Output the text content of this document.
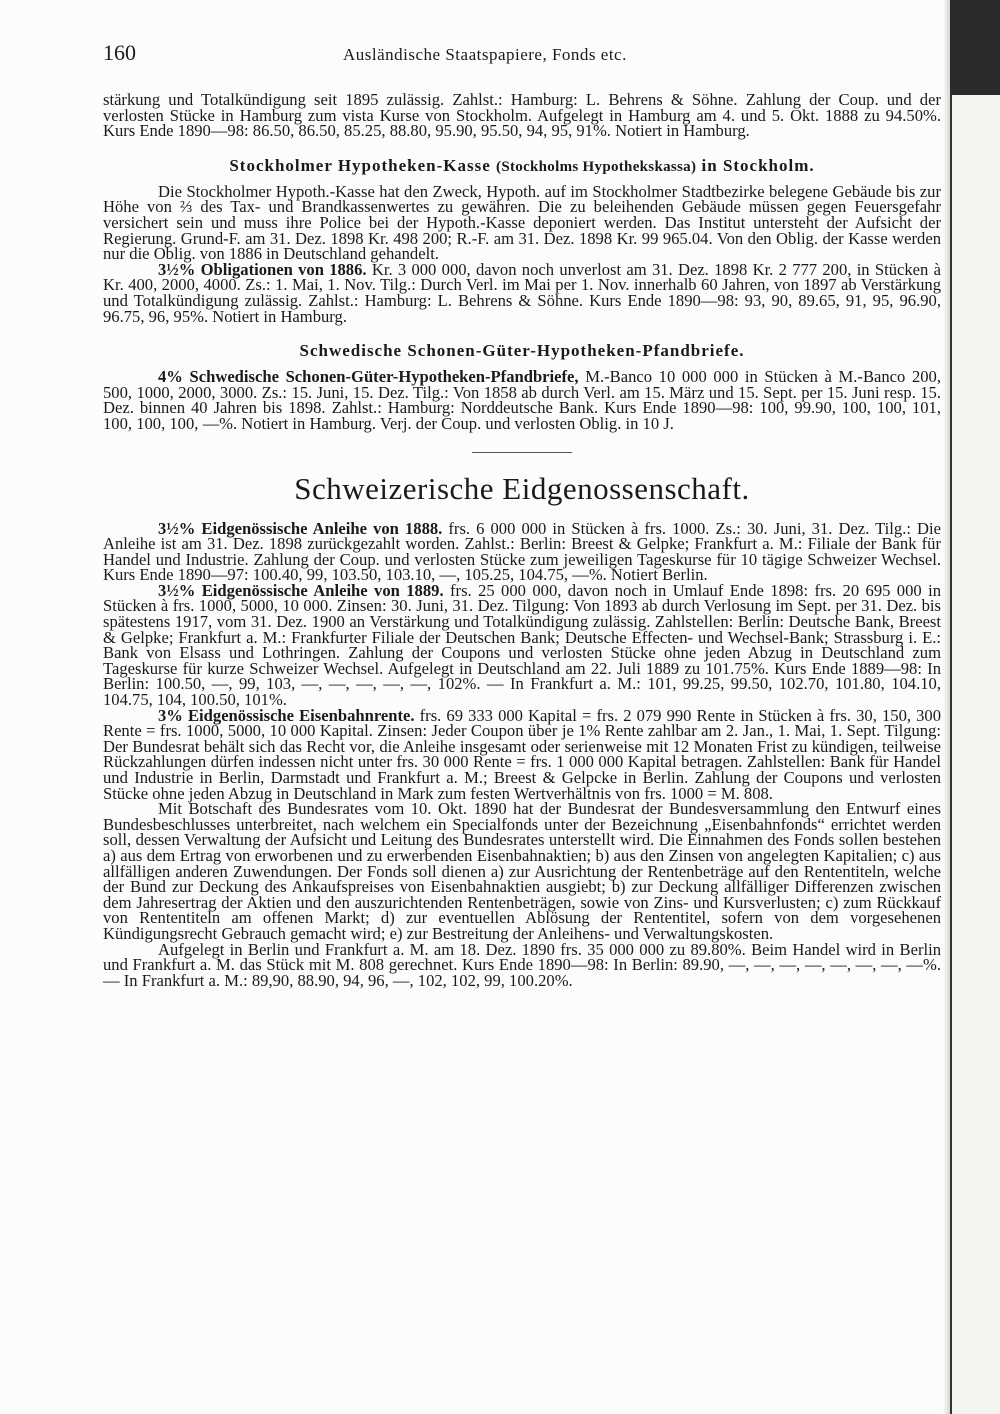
160	Ausländische Staatspapiere, Fonds etc.

stärkung und Totalkündigung seit 1895 zulässig. Zahlst.: Hamburg: L. Behrens & Söhne. Zahlung der Coup. und der verlosten Stücke in Hamburg zum vista Kurse von Stockholm. Aufgelegt in Hamburg am 4. und 5. Okt. 1888 zu 94.50%. Kurs Ende 1890—98: 86.50, 86.50, 85.25, 88.80, 95.90, 95.50, 94, 95, 91%. Notiert in Hamburg.

Stockholmer Hypotheken-Kasse (Stockholms Hypothekskassa) in Stockholm.

Die Stockholmer Hypoth.-Kasse hat den Zweck, Hypoth. auf im Stockholmer Stadtbezirke belegene Gebäude bis zur Höhe von ⅔ des Tax- und Brandkassenwertes zu gewähren. Die zu beleihenden Gebäude müssen gegen Feuersgefahr versichert sein und muss ihre Police bei der Hypoth.-Kasse deponiert werden. Das Institut untersteht der Aufsicht der Regierung. Grund-F. am 31. Dez. 1898 Kr. 498 200; R.-F. am 31. Dez. 1898 Kr. 99 965.04. Von den Oblig. der Kasse werden nur die Oblig. von 1886 in Deutschland gehandelt.

3½% Obligationen von 1886. Kr. 3 000 000, davon noch unverlost am 31. Dez. 1898 Kr. 2 777 200, in Stücken à Kr. 400, 2000, 4000. Zs.: 1. Mai, 1. Nov. Tilg.: Durch Verl. im Mai per 1. Nov. innerhalb 60 Jahren, von 1897 ab Verstärkung und Totalkündigung zulässig. Zahlst.: Hamburg: L. Behrens & Söhne. Kurs Ende 1890—98: 93, 90, 89.65, 91, 95, 96.90, 96.75, 96, 95%. Notiert in Hamburg.

Schwedische Schonen-Güter-Hypotheken-Pfandbriefe.

4% Schwedische Schonen-Güter-Hypotheken-Pfandbriefe, M.-Banco 10 000 000 in Stücken à M.-Banco 200, 500, 1000, 2000, 3000. Zs.: 15. Juni, 15. Dez. Tilg.: Von 1858 ab durch Verl. am 15. März und 15. Sept. per 15. Juni resp. 15. Dez. binnen 40 Jahren bis 1898. Zahlst.: Hamburg: Norddeutsche Bank. Kurs Ende 1890—98: 100, 99.90, 100, 100, 101, 100, 100, 100, —%. Notiert in Hamburg. Verj. der Coup. und verlosten Oblig. in 10 J.

Schweizerische Eidgenossenschaft.

3½% Eidgenössische Anleihe von 1888. frs. 6 000 000 in Stücken à frs. 1000. Zs.: 30. Juni, 31. Dez. Tilg.: Die Anleihe ist am 31. Dez. 1898 zurückgezahlt worden. Zahlst.: Berlin: Breest & Gelpke; Frankfurt a. M.: Filiale der Bank für Handel und Industrie. Zahlung der Coup. und verlosten Stücke zum jeweiligen Tageskurse für 10 tägige Schweizer Wechsel. Kurs Ende 1890—97: 100.40, 99, 103.50, 103.10, —, 105.25, 104.75, —%. Notiert Berlin.

3½% Eidgenössische Anleihe von 1889. frs. 25 000 000, davon noch in Umlauf Ende 1898: frs. 20 695 000 in Stücken à frs. 1000, 5000, 10 000. Zinsen: 30. Juni, 31. Dez. Tilgung: Von 1893 ab durch Verlosung im Sept. per 31. Dez. bis spätestens 1917, vom 31. Dez. 1900 an Verstärkung und Totalkündigung zulässig. Zahlstellen: Berlin: Deutsche Bank, Breest & Gelpke; Frankfurt a. M.: Frankfurter Filiale der Deutschen Bank; Deutsche Effecten- und Wechsel-Bank; Strassburg i. E.: Bank von Elsass und Lothringen. Zahlung der Coupons und verlosten Stücke ohne jeden Abzug in Deutschland zum Tageskurse für kurze Schweizer Wechsel. Aufgelegt in Deutschland am 22. Juli 1889 zu 101.75%. Kurs Ende 1889—98: In Berlin: 100.50, —, 99, 103, —, —, —, —, —, 102%. — In Frankfurt a. M.: 101, 99.25, 99.50, 102.70, 101.80, 104.10, 104.75, 104, 100.50, 101%.

3% Eidgenössische Eisenbahnrente. frs. 69 333 000 Kapital = frs. 2 079 990 Rente in Stücken à frs. 30, 150, 300 Rente = frs. 1000, 5000, 10 000 Kapital. Zinsen: Jeder Coupon über je 1% Rente zahlbar am 2. Jan., 1. Mai, 1. Sept. Tilgung: Der Bundesrat behält sich das Recht vor, die Anleihe insgesamt oder serienweise mit 12 Monaten Frist zu kündigen, teilweise Rückzahlungen dürfen indessen nicht unter frs. 30 000 Rente = frs. 1 000 000 Kapital betragen. Zahlstellen: Bank für Handel und Industrie in Berlin, Darmstadt und Frankfurt a. M.; Breest & Gelpcke in Berlin. Zahlung der Coupons und verlosten Stücke ohne jeden Abzug in Deutschland in Mark zum festen Wertverhältnis von frs. 1000 = M. 808.

Mit Botschaft des Bundesrates vom 10. Okt. 1890 hat der Bundesrat der Bundesversammlung den Entwurf eines Bundesbeschlusses unterbreitet, nach welchem ein Specialfonds unter der Bezeichnung „Eisenbahnfonds“ errichtet werden soll, dessen Verwaltung der Aufsicht und Leitung des Bundesrates unterstellt wird. Die Einnahmen des Fonds sollen bestehen a) aus dem Ertrag von erworbenen und zu erwerbenden Eisenbahnaktien; b) aus den Zinsen von angelegten Kapitalien; c) aus allfälligen anderen Zuwendungen. Der Fonds soll dienen a) zur Ausrichtung der Rentenbeträge auf den Rententiteln, welche der Bund zur Deckung des Ankaufspreises von Eisenbahnaktien ausgiebt; b) zur Deckung allfälliger Differenzen zwischen dem Jahresertrag der Aktien und den auszurichtenden Rentenbeträgen, sowie von Zins- und Kursverlusten; c) zum Rückkauf von Rententiteln am offenen Markt; d) zur eventuellen Ablösung der Rententitel, sofern von dem vorgesehenen Kündigungsrecht Gebrauch gemacht wird; e) zur Bestreitung der Anleihens- und Verwaltungskosten.

Aufgelegt in Berlin und Frankfurt a. M. am 18. Dez. 1890 frs. 35 000 000 zu 89.80%. Beim Handel wird in Berlin und Frankfurt a. M. das Stück mit M. 808 gerechnet. Kurs Ende 1890—98: In Berlin: 89.90, —, —, —, —, —, —, —, —%. — In Frankfurt a. M.: 89,90, 88.90, 94, 96, —, 102, 102, 99, 100.20%.
